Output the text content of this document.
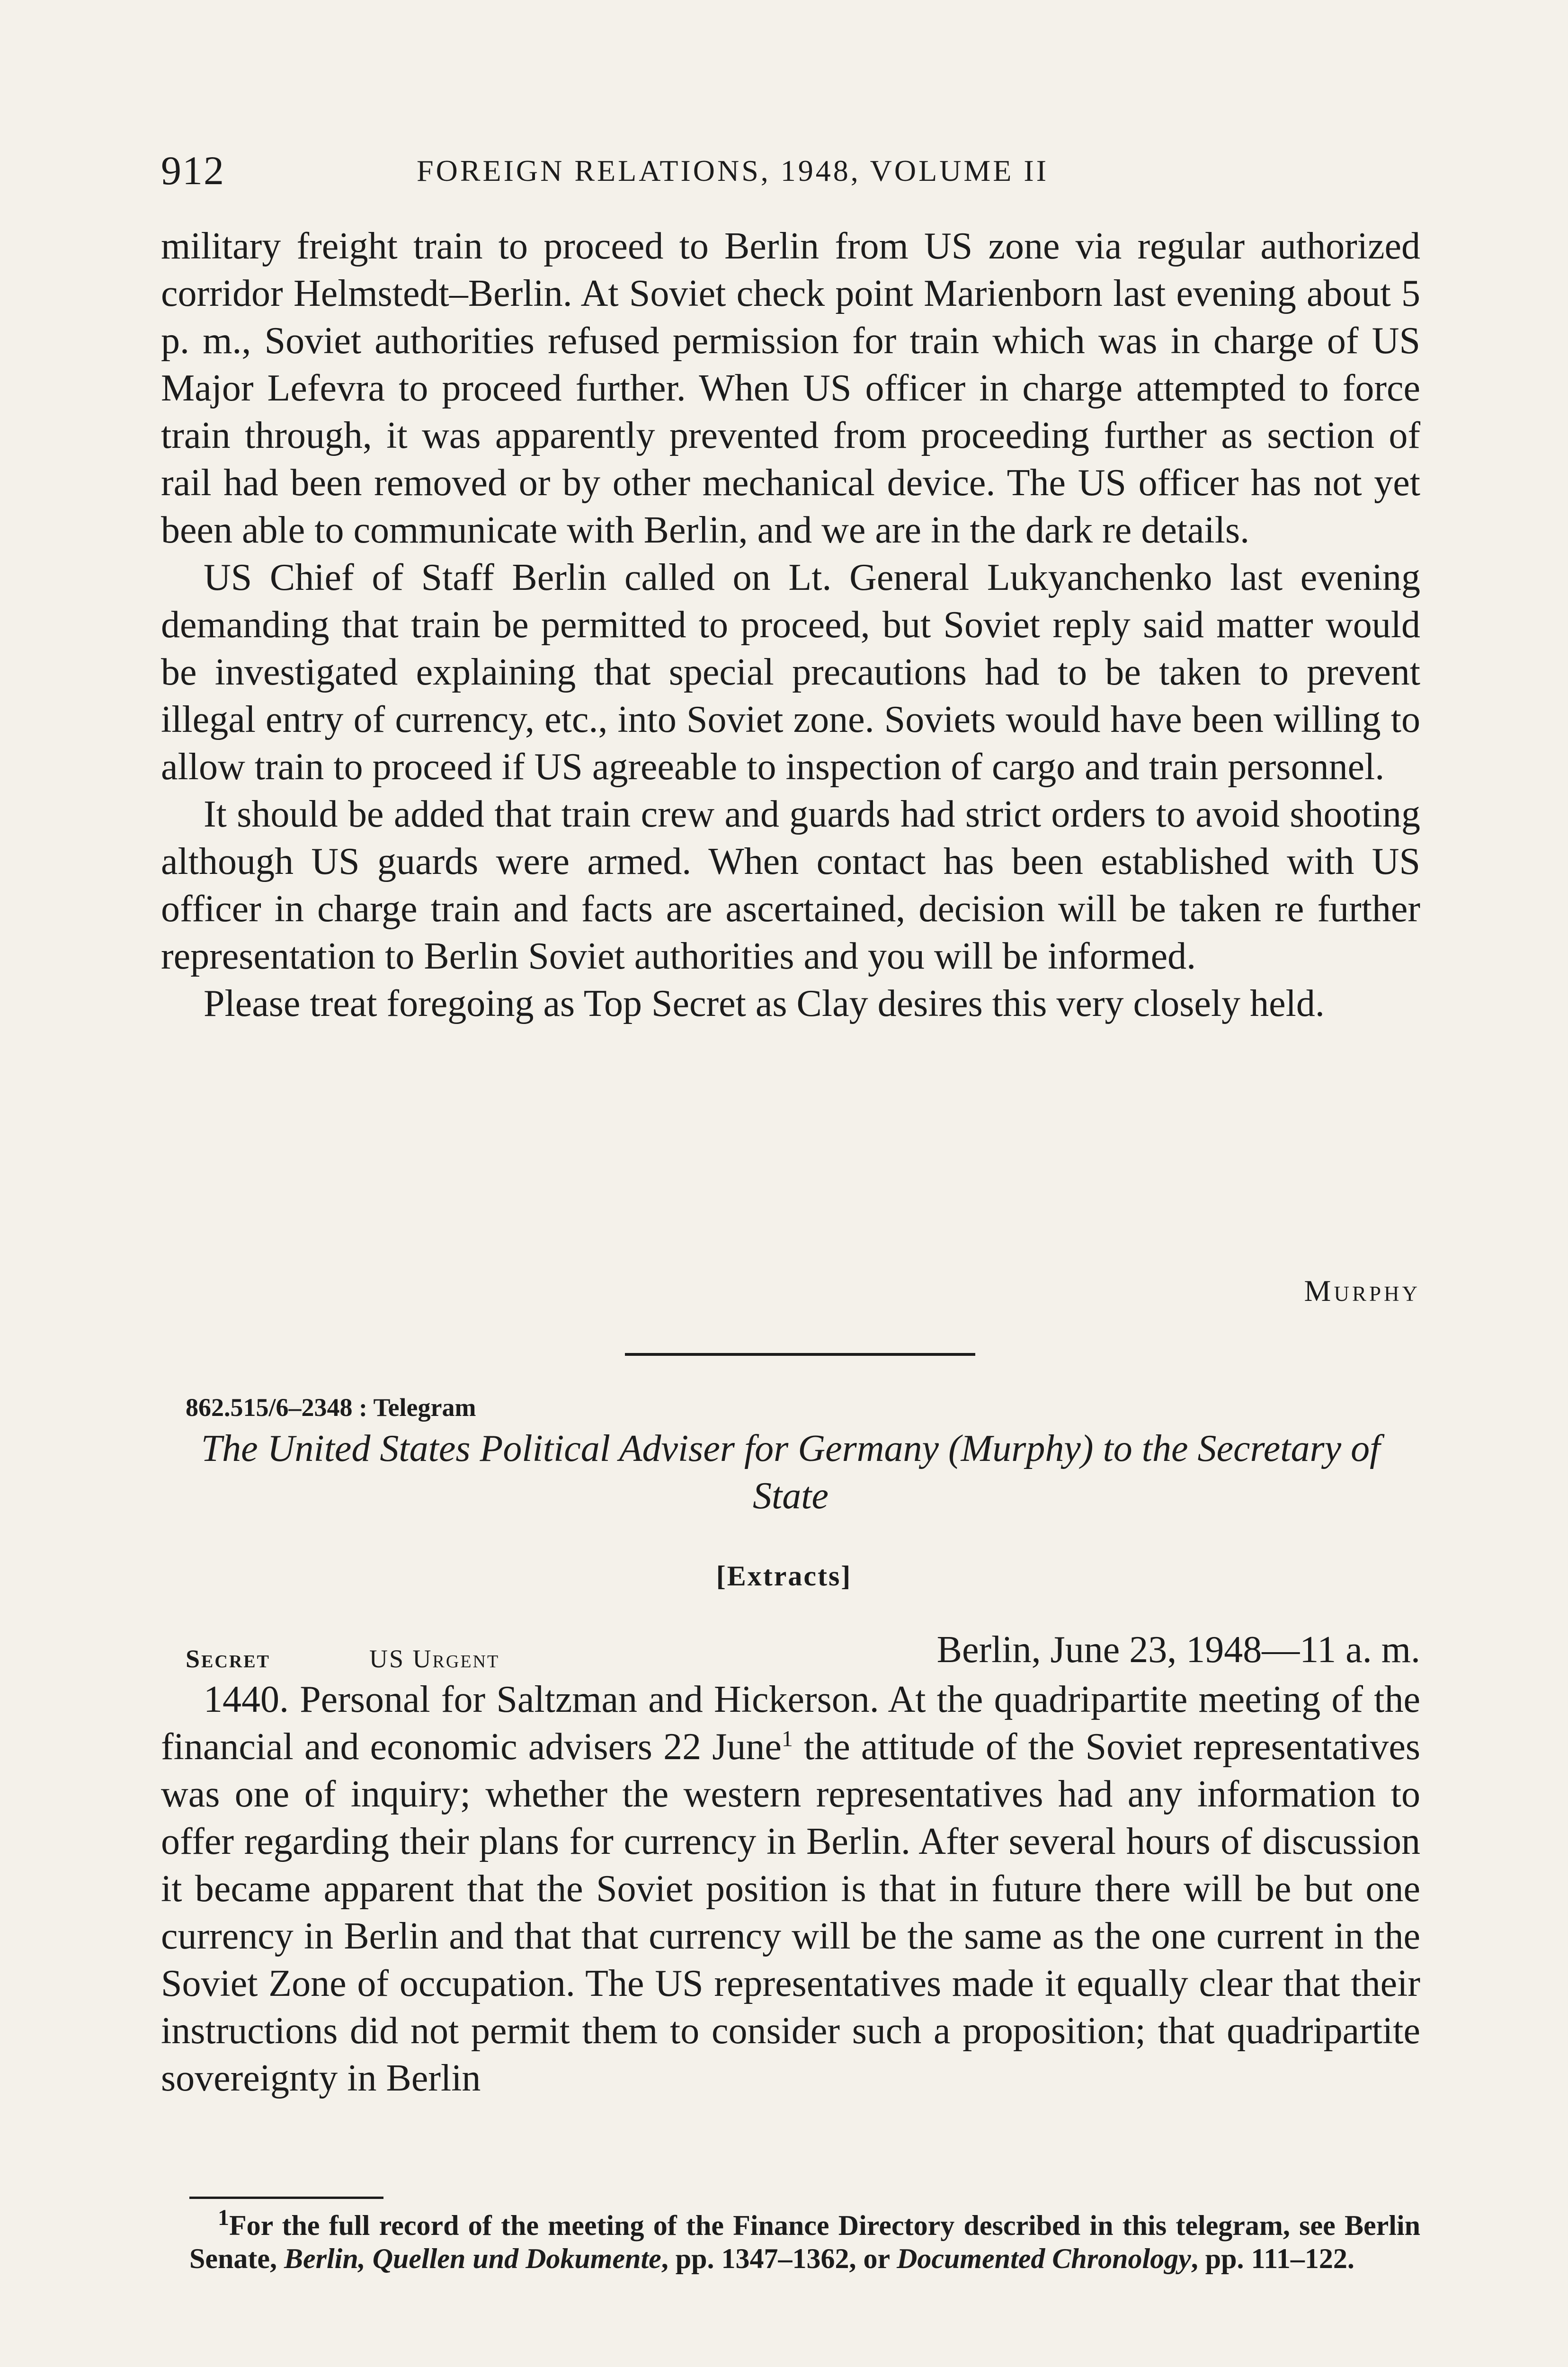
912	FOREIGN RELATIONS, 1948, VOLUME II

military freight train to proceed to Berlin from US zone via regular authorized corridor Helmstedt–Berlin. At Soviet check point Marienborn last evening about 5 p. m., Soviet authorities refused permission for train which was in charge of US Major Lefevra to proceed further. When US officer in charge attempted to force train through, it was apparently prevented from proceeding further as section of rail had been removed or by other mechanical device. The US officer has not yet been able to communicate with Berlin, and we are in the dark re details.

US Chief of Staff Berlin called on Lt. General Lukyanchenko last evening demanding that train be permitted to proceed, but Soviet reply said matter would be investigated explaining that special precautions had to be taken to prevent illegal entry of currency, etc., into Soviet zone. Soviets would have been willing to allow train to proceed if US agreeable to inspection of cargo and train personnel.

It should be added that train crew and guards had strict orders to avoid shooting although US guards were armed. When contact has been established with US officer in charge train and facts are ascertained, decision will be taken re further representation to Berlin Soviet authorities and you will be informed.

Please treat foregoing as Top Secret as Clay desires this very closely held.

Murphy
862.515/6–2348 : Telegram
The United States Political Adviser for Germany (Murphy) to the Secretary of State
[Extracts]
Secret	US Urgent	Berlin, June 23, 1948—11 a. m.

1440. Personal for Saltzman and Hickerson. At the quadripartite meeting of the financial and economic advisers 22 June$^1$ the attitude of the Soviet representatives was one of inquiry; whether the western representatives had any information to offer regarding their plans for currency in Berlin. After several hours of discussion it became apparent that the Soviet position is that in future there will be but one currency in Berlin and that that currency will be the same as the one current in the Soviet Zone of occupation. The US representatives made it equally clear that their instructions did not permit them to consider such a proposition; that quadripartite sovereignty in Berlin

$^1$For the full record of the meeting of the Finance Directory described in this telegram, see Berlin Senate, Berlin, Quellen und Dokumente, pp. 1347–1362, or Documented Chronology, pp. 111–122.
